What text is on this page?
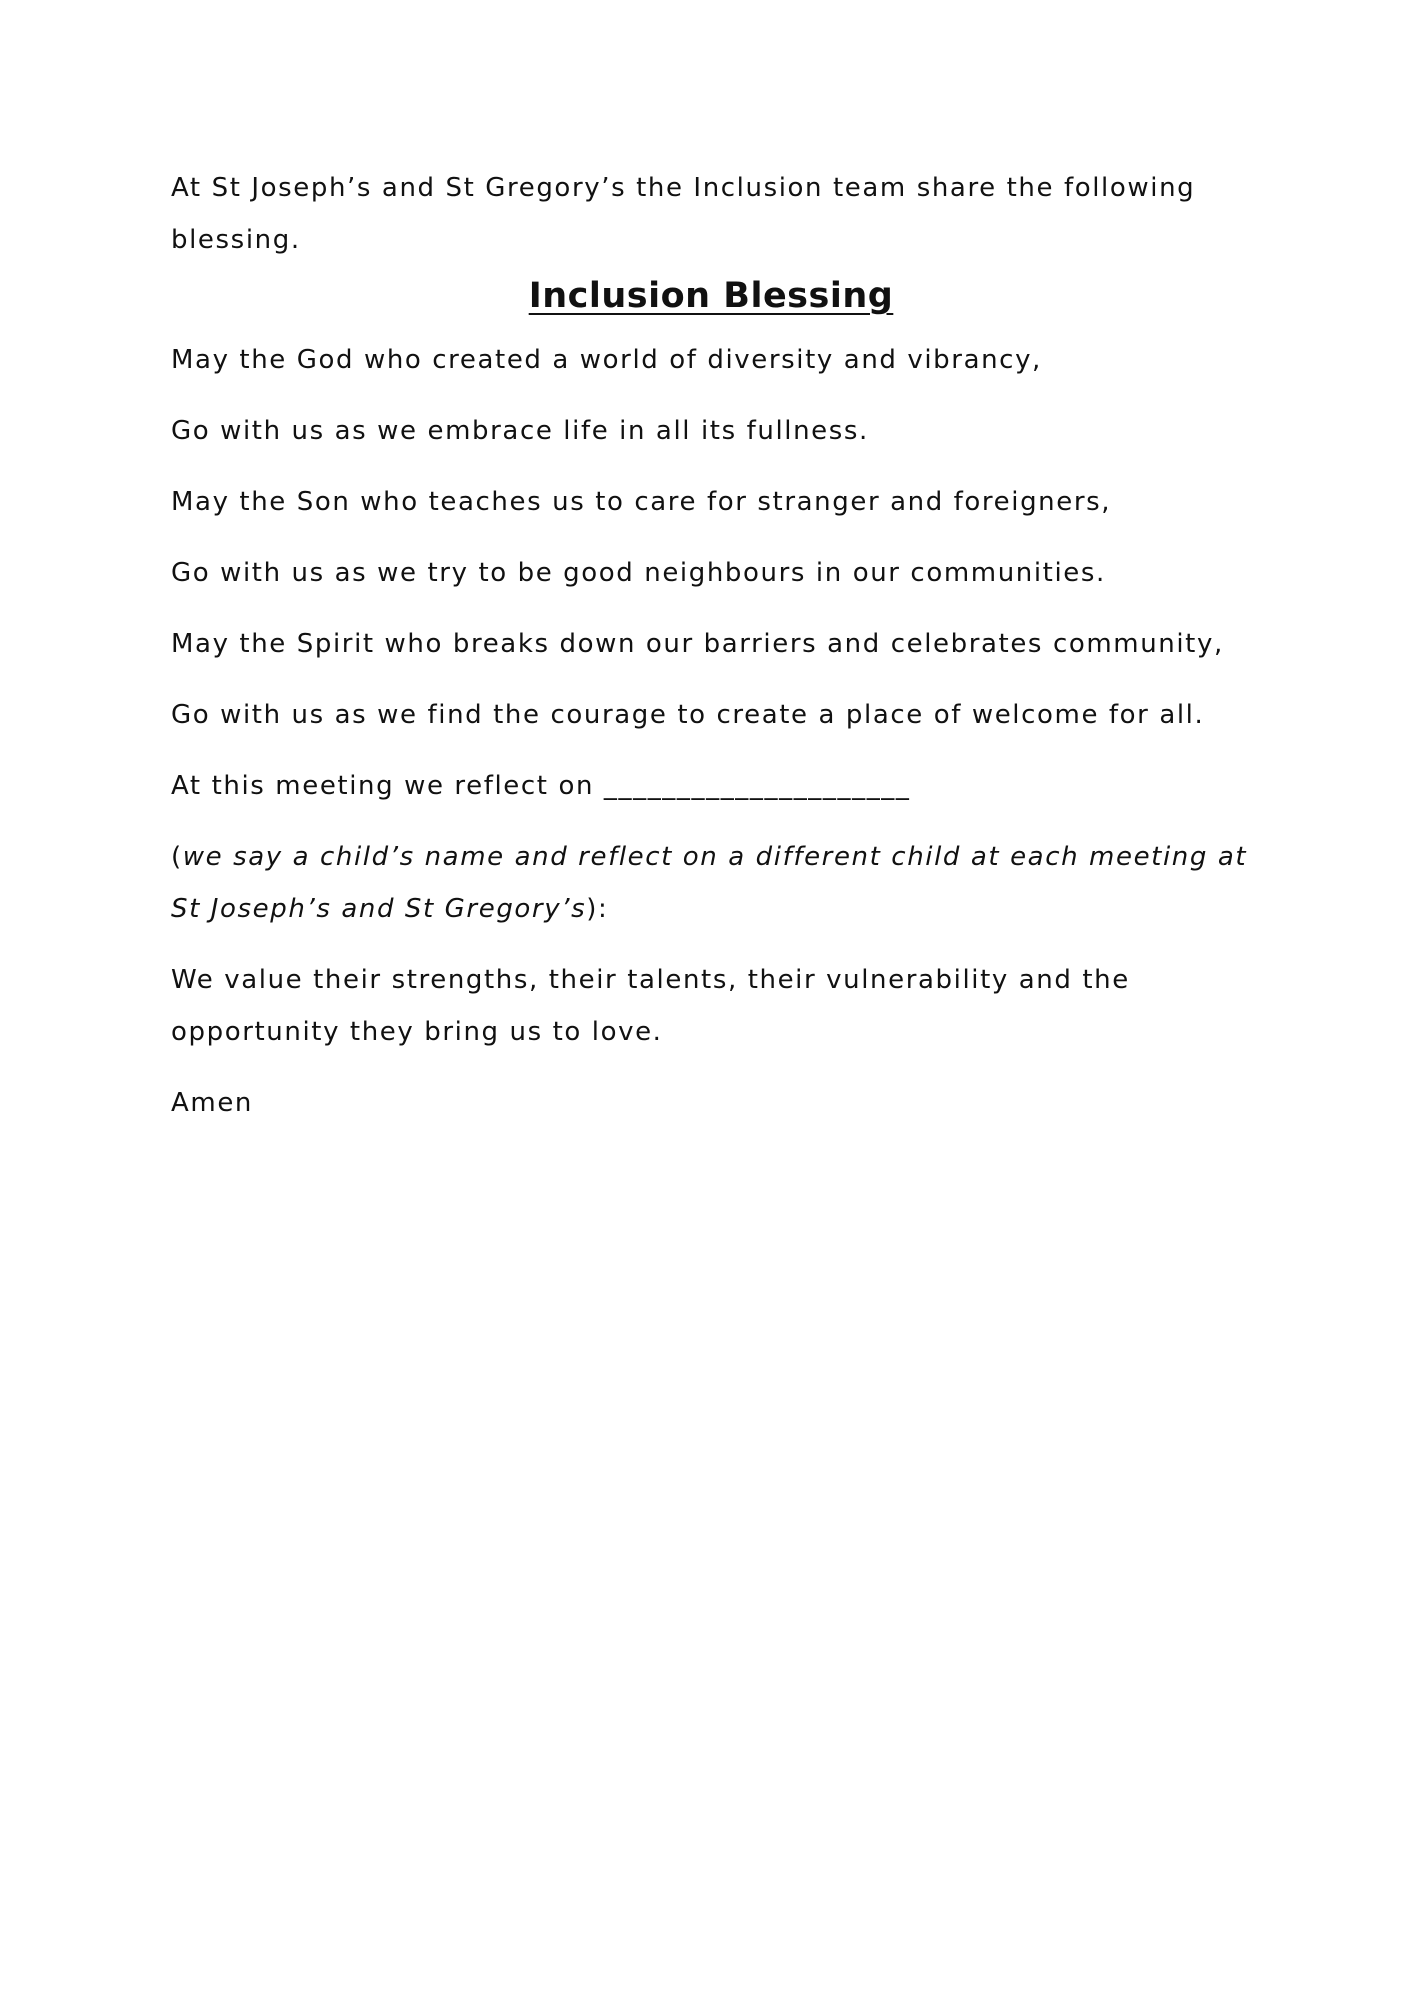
At St Joseph’s and St Gregory’s the Inclusion team share the following blessing.

Inclusion Blessing

May the God who created a world of diversity and vibrancy,

Go with us as we embrace life in all its fullness.

May the Son who teaches us to care for stranger and foreigners,

Go with us as we try to be good neighbours in our communities.

May the Spirit who breaks down our barriers and celebrates community,

Go with us as we find the courage to create a place of welcome for all.

At this meeting we reflect on _____________________

(we say a child’s name and reflect on a different child at each meeting at St Joseph’s and St Gregory’s):

We value their strengths, their talents, their vulnerability and the opportunity they bring us to love.

Amen
